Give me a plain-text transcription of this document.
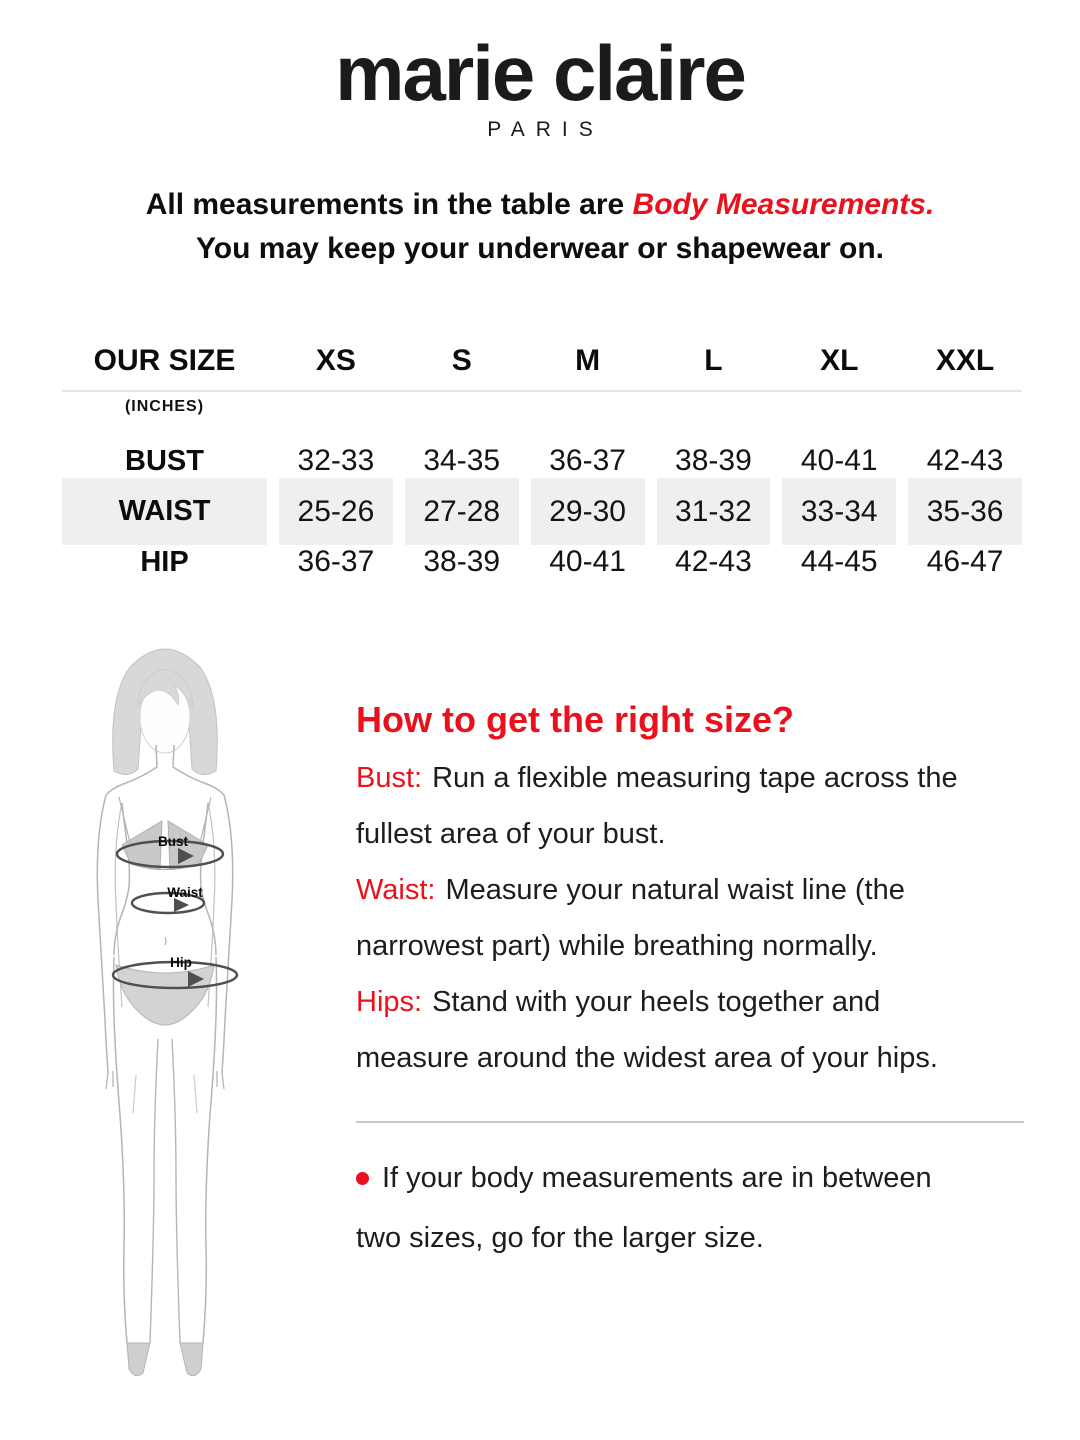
marie claire
PARIS
All measurements in the table are Body Measurements.
You may keep your underwear or shapewear on.
OUR SIZE	XS	S	M	L	XL	XXL
(INCHES)
BUST	32-33	34-35	36-37	38-39	40-41	42-43
WAIST	25-26	27-28	29-30	31-32	33-34	35-36
HIP	36-37	38-39	40-41	42-43	44-45	46-47
Bust
Waist
Hip
How to get the right size?

Bust: Run a flexible measuring tape across the
fullest area of your bust.

Waist: Measure your natural waist line (the
narrowest part) while breathing normally.

Hips: Stand with your heels together and
measure around the widest area of your hips.

If your body measurements are in between
two sizes, go for the larger size.
